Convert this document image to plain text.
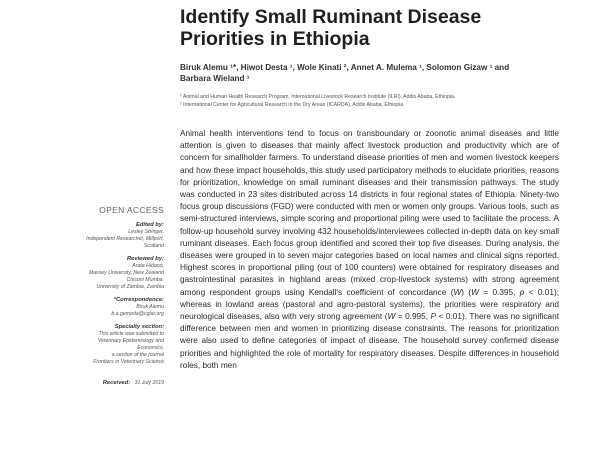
Identify Small Ruminant Disease
Priorities in Ethiopia
Biruk Alemu ¹*, Hiwot Desta ¹, Wole Kinati ², Annet A. Mulema ¹, Solomon Gizaw ¹ and
Barbara Wieland ¹
¹ Animal and Human Health Research Program, International Livestock Research Institute (ILRI), Addis Ababa, Ethiopia,
² International Center for Agricultural Research in the Dry Areas (ICARDA), Addis Ababa, Ethiopia

Animal health interventions tend to focus on transboundary or zoonotic animal diseases and little attention is given to diseases that mainly affect livestock production and productivity which are of concern for smallholder farmers. To understand disease priorities of men and women livestock keepers and how these impact households, this study used participatory methods to elucidate priorities, reasons for prioritization, knowledge on small ruminant diseases and their transmission pathways. The study was conducted in 23 sites distributed across 14 districts in four regional states of Ethiopia. Ninety-two focus group discussions (FGD) were conducted with men or women only groups. Various tools, such as semi-structured interviews, simple scoring and proportional piling were used to facilitate the process. A follow-up household survey involving 432 households/interviewees collected in-depth data on key small ruminant diseases. Each focus group identified and scored their top five diseases. During analysis, the diseases were grouped in to seven major categories based on local names and clinical signs reported. Highest scores in proportional piling (out of 100 counters) were obtained for respiratory diseases and gastrointestinal parasites in highland areas (mixed crop-livestock systems) with strong agreement among respondent groups using Kendall's coefficient of concordance (W) (W = 0.395, p < 0.01); whereas in lowland areas (pastoral and agro-pastoral systems), the priorities were respiratory and neurological diseases, also with very strong agreement (W = 0.995, P < 0.01). There was no significant difference between men and women in prioritizing disease constraints. The reasons for prioritization were also used to define categories of impact of disease. The household survey confirmed disease priorities and highlighted the role of mortality for respiratory diseases. Despite differences in household roles, both men

OPEN ACCESS
Edited by:
Lesley Stringer,
Independent Researcher, Millport,
Scotland
Reviewed by:
Arata Hidano,
Massey University, New Zealand
Chisoni Mumba,
University of Zambia, Zambia
*Correspondence:
Biruk Alemu
b.a.gemeda@cgiar.org
Specialty section:
This article was submitted to
Veterinary Epidemiology and
Economics,
a section of the journal
Frontiers in Veterinary Science
Received: 31 July 2019
